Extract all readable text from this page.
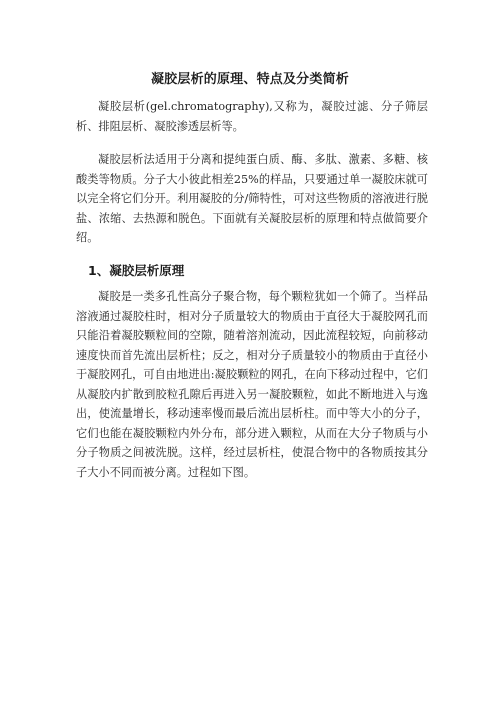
凝胶层析的原理、特点及分类简析

凝胶层析(gel.chromatography),又称为，凝胶过滤、分子筛层析、排阻层析、凝胶渗透层析等。

凝胶层析法适用于分离和提纯蛋白质、酶、多肽、激素、多糖、核酸类等物质。分子大小彼此相差25%的样品，只要通过单一凝胶床就可以完全将它们分开。利用凝胶的分/筛特性，可对这些物质的溶液进行脱盐、浓缩、去热源和脱色。下面就有关凝胶层析的原理和特点做简要介绍。

1、凝胶层析原理

凝胶是一类多孔性高分子聚合物，每个颗粒犹如一个筛了。当样品溶液通过凝胶柱时，相对分子质量较大的物质由于直径大于凝胶网孔而只能沿着凝胶颗粒间的空隙，随着溶剂流动，因此流程较短，向前移动速度快而首先流出层析柱；反之，相对分子质量较小的物质由于直径小于凝胶网孔，可自由地进出:凝胶颗粒的网孔，在向下移动过程中，它们从凝胶内扩散到胶粒孔隙后再进入另一凝胶颗粒，如此不断地进入与逸出，使流量增长，移动速率慢而最后流出层析柱。而中等大小的分子，它们也能在凝胶颗粒内外分布，部分进入颗粒，从而在大分子物质与小分子物质之间被洗脱。这样，经过层析柱，使混合物中的各物质按其分子大小不同而被分离。过程如下图。
